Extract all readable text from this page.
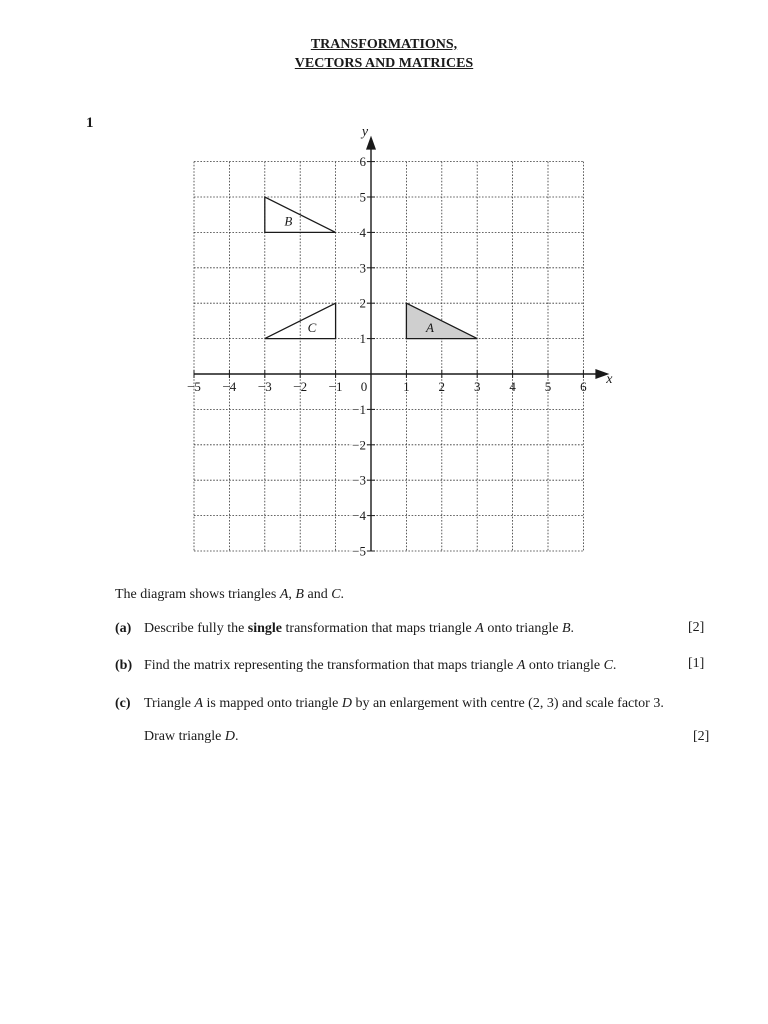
TRANSFORMATIONS,
VECTORS AND MATRICES
1
x
y
−5 −4 −3 −2 −1	1 2 3 4 5 6
0
6
5
4
3
2
1
−1
−2
−3
−4
−5
A
B
C
The diagram shows triangles A, B and C.
(a) Describe fully the single transformation that maps triangle A onto triangle B.	[2]
(b) Find the matrix representing the transformation that maps triangle A onto triangle C.	[1]
(c) Triangle A is mapped onto triangle D by an enlargement with centre (2, 3) and scale factor 3.
Draw triangle D.	[2]
